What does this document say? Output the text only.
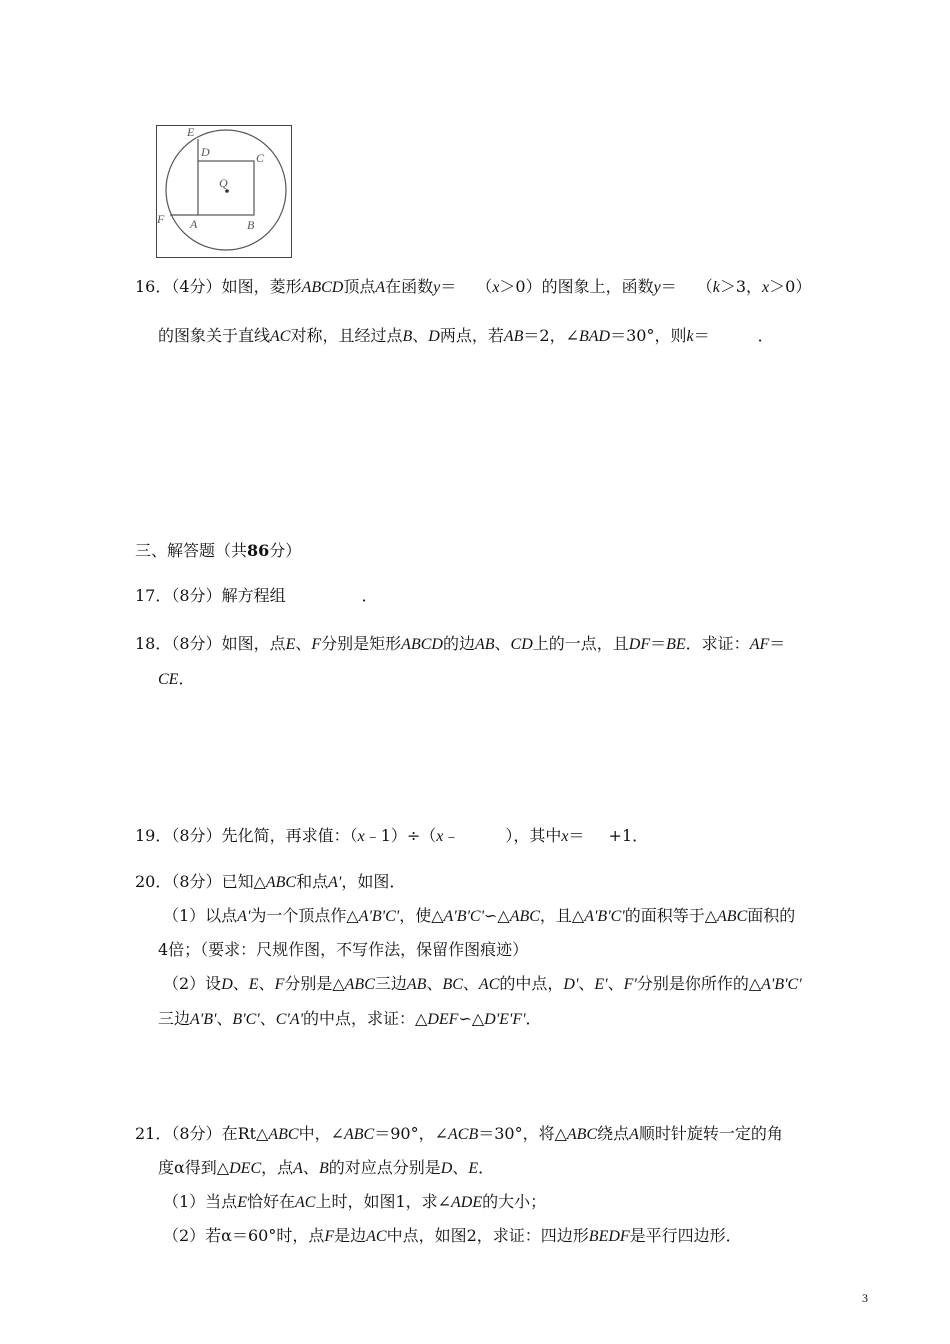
E
D	C
Q
F A	B
16．（4分）如图，菱形ABCD顶点A在函数y＝ （x＞0）的图象上，函数y＝ （k＞3，x＞0）
的图象关于直线AC对称，且经过点B、D两点，若AB＝2，∠BAD＝30°，则k＝	．
三、解答题（共86分）
17．（8分）解方程组	．
18．（8分）如图，点E、F分别是矩形ABCD的边AB、CD上的一点，且DF＝BE．求证：AF＝
CE．
19．（8分）先化简，再求值：（x﹣1）÷（x﹣	），其中x＝ +1．
20．（8分）已知△ABC和点A'，如图．
（1）以点A'为一个顶点作△A'B'C'，使△A'B'C'∽△ABC，且△A'B'C'的面积等于△ABC面积的
4倍；（要求：尺规作图，不写作法，保留作图痕迹）
（2）设D、E、F分别是△ABC三边AB、BC、AC的中点，D'、E'、F'分别是你所作的△A'B'C'
三边A'B'、B'C'、C'A'的中点，求证：△DEF∽△D'E'F'．
21．（8分）在Rt△ABC中，∠ABC＝90°，∠ACB＝30°，将△ABC绕点A顺时针旋转一定的角
度α得到△DEC，点A、B的对应点分别是D、E．
（1）当点E恰好在AC上时，如图1，求∠ADE的大小；
（2）若α＝60°时，点F是边AC中点，如图2，求证：四边形BEDF是平行四边形．
3
